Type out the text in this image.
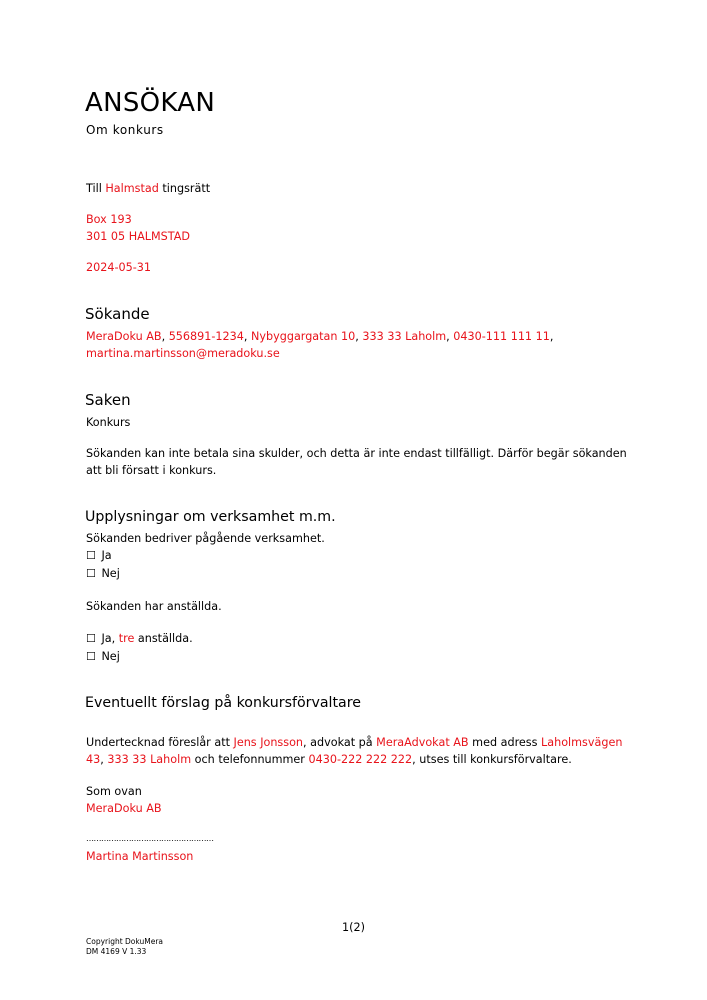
ANSÖKAN
Om konkurs
Till Halmstad tingsrätt
Box 193
301 05 HALMSTAD
2024-05-31
Sökande
MeraDoku AB, 556891-1234, Nybyggargatan 10, 333 33 Laholm, 0430-111 111 11,
martina.martinsson@meradoku.se
Saken
Konkurs
Sökanden kan inte betala sina skulder, och detta är inte endast tillfälligt. Därför begär sökanden
att bli försatt i konkurs.
Upplysningar om verksamhet m.m.
Sökanden bedriver pågående verksamhet.
☐ Ja
☐ Nej
Sökanden har anställda.
☐ Ja, tre anställda.
☐ Nej
Eventuellt förslag på konkursförvaltare
Undertecknad föreslår att Jens Jonsson, advokat på MeraAdvokat AB med adress Laholmsvägen
43, 333 33 Laholm och telefonnummer 0430-222 222 222, utses till konkursförvaltare.
Som ovan
MeraDoku AB
……………………………………………
Martina Martinsson
1(2)
Copyright DokuMera
DM 4169 V 1.33
